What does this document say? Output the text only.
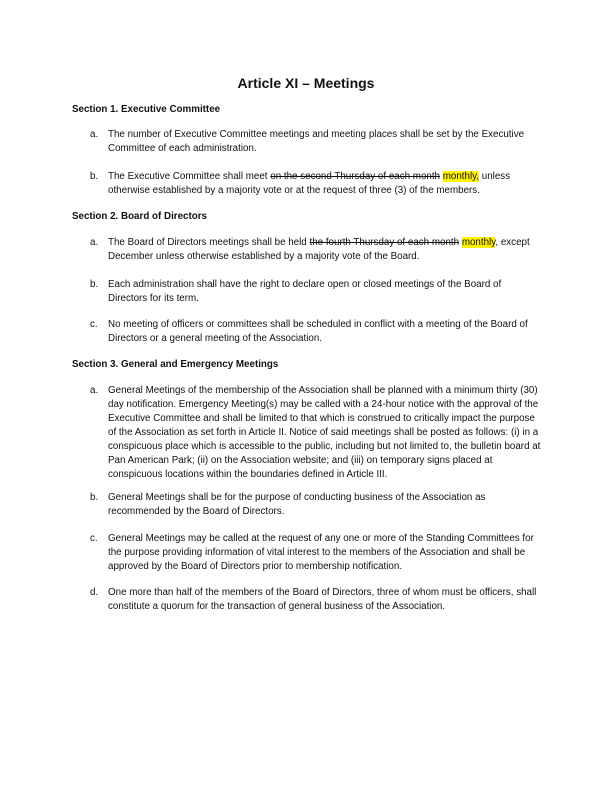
Article XI – Meetings
Section 1. Executive Committee
a.	The number of Executive Committee meetings and meeting places shall be set by the Executive Committee of each administration.
b.	The Executive Committee shall meet on the second Thursday of each month monthly, unless otherwise established by a majority vote or at the request of three (3) of the members.
Section 2. Board of Directors
a.	The Board of Directors meetings shall be held the fourth Thursday of each month monthly, except December unless otherwise established by a majority vote of the Board.
b.	Each administration shall have the right to declare open or closed meetings of the Board of Directors for its term.
c.	No meeting of officers or committees shall be scheduled in conflict with a meeting of the Board of Directors or a general meeting of the Association.
Section 3. General and Emergency Meetings
a.	General Meetings of the membership of the Association shall be planned with a minimum thirty (30) day notification. Emergency Meeting(s) may be called with a 24-hour notice with the approval of the Executive Committee and shall be limited to that which is construed to critically impact the purpose of the Association as set forth in Article II. Notice of said meetings shall be posted as follows: (i) in a conspicuous place which is accessible to the public, including but not limited to, the bulletin board at Pan American Park; (ii) on the Association website; and (iii) on temporary signs placed at conspicuous locations within the boundaries defined in Article III.
b.	General Meetings shall be for the purpose of conducting business of the Association as recommended by the Board of Directors.
c.	General Meetings may be called at the request of any one or more of the Standing Committees for the purpose providing information of vital interest to the members of the Association and shall be approved by the Board of Directors prior to membership notification.
d.	One more than half of the members of the Board of Directors, three of whom must be officers, shall constitute a quorum for the transaction of general business of the Association.
